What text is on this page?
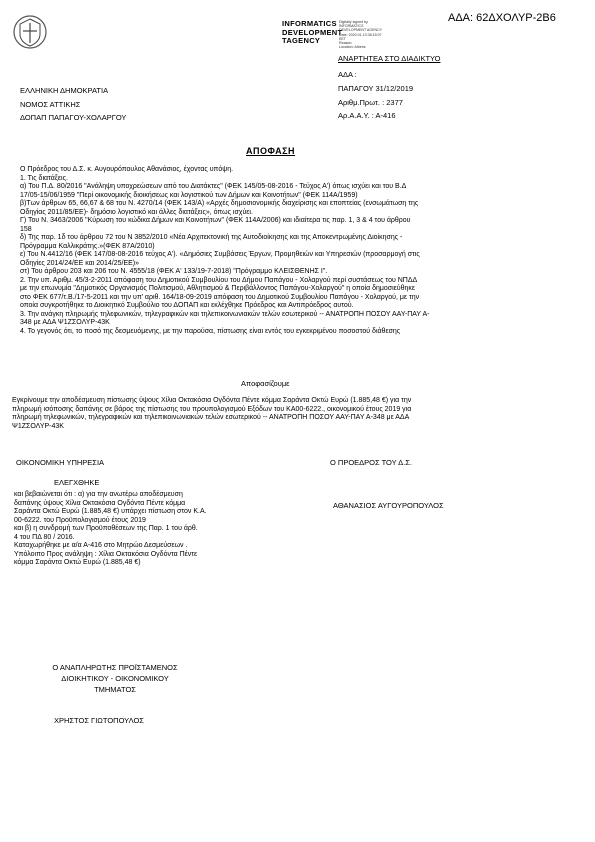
ΑΔΑ: 62ΔΧΟΛΥΡ-2Β6
INFORMATICS
DEVELOPMENT
TAGENCY
Digitally signed by
INFORMATICS
DEVELOPMENT AGENCY
Date: 2020.01.13 08:15:07
EET
Reason:
Location: Athens
ΑΝΑΡΤΗΤΕΑ ΣΤΟ ΔΙΑΔΙΚΤΥΟ
ΑΔΑ :
ΠΑΠΑΓΟΥ 31/12/2019
Αριθμ.Πρωτ. : 2377
Αρ.Α.Α.Υ. : Α-416
ΕΛΛΗΝΙΚΗ ΔΗΜΟΚΡΑΤΙΑ
ΝΟΜΟΣ ΑΤΤΙΚΗΣ
ΔΟΠΑΠ ΠΑΠΑΓΟΥ-ΧΟΛΑΡΓΟΥ
ΑΠΟΦΑΣΗ
Ο Πρόεδρος του Δ.Σ. κ. Αυγουρόπουλος Αθανάσιος, έχοντας υπόψη.
1. Τις διατάξεις.
α) Του Π.Δ. 80/2016 "Ανάληψη υποχρεώσεων από του Διατάκτες" (ΦΕΚ 145/05-08-2016 - Τεύχος Α') όπως ισχύει και του Β.Δ
17/05-15/06/1959 "Περί οικονομικής διοικήσεως και λογιστικού των Δήμων και Κοινοτήτων" (ΦΕΚ 114Α/1959)
β)Των άρθρων 65, 66,67 & 68 του Ν. 4270/14 (ΦΕΚ 143/Α) «Αρχές δημοσιονομικής διαχείρισης και εποπτείας (ενσωμάτωση της
Οδηγίας 2011/85/ΕΕ)- δημόσιο λογιστικό και άλλες διατάξεις», όπως ισχύει.
Γ) Του Ν. 3463/2006 "Κύρωση του κώδικα Δήμων και Κοινοτήτων" (ΦΕΚ 114Α/2006) και ιδιαίτερα τις παρ. 1, 3 & 4 του άρθρου
158
δ) Της παρ. 1δ του άρθρου 72 του Ν 3852/2010 «Νέα Αρχιτεκτονική της Αυτοδιοίκησης και της Αποκεντρωμένης Διοίκησης -
Πρόγραμμα Καλλικράτης.»(ΦΕΚ 87Α/2010)
ε) Του Ν.4412/16 (ΦΕΚ 147/08-08-2016 τεύχος Α'). «Δημόσιες Συμβάσεις Έργων, Προμηθειών και Υπηρεσιών (προσαρμογή στις
Οδηγίες 2014/24/ΕΕ και 2014/25/ΕΕ)»
στ) Του άρθρου 203 και 206 του Ν. 4555/18 (ΦΕΚ Α' 133/19-7-2018) "Πρόγραμμο ΚΛΕΙΣΘΕΝΗΣ Ι".
2. Την υπ. Αριθμ. 45/3-2-2011 απόφαση του Δημοτικού Συμβουλίου του Δήμου Παπάγου - Χολαργού περί συστάσεως του ΝΠΔΔ
με την επωνυμία "Δημοτικός Οργανισμός Πολιτισμού, Αθλητισμού & Περιβάλλοντος Παπάγου-Χολαργού" η οποία δημοσιεύθηκε
στο ΦΕΚ 677/τ.Β./17-5-2011 και την υπ' αριθ. 164/18-09-2019 απόφαση του Δημοτικού Συμβουλίου Παπάγου - Χολαργού, με την
οποία συγκροτήθηκε το Διοικητικό Συμβούλιο του ΔΟΠΑΠ και εκλέχθηκε Πρόεδρος και Αντιπρόεδρος αυτού.
3. Την ανάγκη πληρωμής τηλεφωνικών, τηλεγραφικών και τηλεπικοινωνιακών τελών εσωτερικού -- ΑΝΑΤΡΟΠΗ ΠΟΣΟΥ ΑΑΥ-ΠΑΥ Α-
348 με ΑΔΑ Ψ1ΖΣΟΛΥΡ-43Κ
4. Το γεγονός ότι, το ποσό της δεσμευόμενης, με την παρούσα, πίστωσης είναι εντός του εγκεκριμένου ποσοστού διάθεσης
Αποφασίζουμε
Εγκρίνουμε την αποδέσμευση πίστωσης ύψους Χίλια Οκτακόσια Ογδόντα Πέντε κόμμα Σαράντα Οκτώ Ευρώ (1.885,48 €) για την
πληρωμή ισόποσης δαπάνης σε βάρος της πίστωσης του προυπολογισμού Εξόδων του ΚΑ00-6222., οικονομικού έτους 2019 για
πληρωμή τηλεφωνικών, τηλεγραφικών και τηλεπικοινωνιακών τελών εσωτερικού -- ΑΝΑΤΡΟΠΗ ΠΟΣΟΥ ΑΑΥ-ΠΑΥ Α-348 με ΑΔΑ
Ψ1ΖΣΟΛΥΡ-43Κ
ΟΙΚΟΝΟΜΙΚΗ ΥΠΗΡΕΣΙΑ	Ο ΠΡΟΕΔΡΟΣ ΤΟΥ Δ.Σ.
ΕΛΕΓΧΘΗΚΕ
και βεβαιώνεται ότι : α) για την ανωτέρω αποδέσμευση
δαπάνης ύψους Χίλια Οκτακόσια Ογδόντα Πέντε κόμμα
Σαράντα Οκτώ Ευρώ (1.885,48 €) υπάρχει πίστωση στον Κ.Α.
00-6222. του Προϋπολογισμού έτους 2019
και β) η συνδρομή των Προϋποθέσεων της Παρ. 1 του άρθ.
4 του ΠΔ 80 / 2016.
Καταχωρήθηκε με α/α Α-416 στο Μητρώο Δεσμεύσεων .
Υπόλοιπο Προς ανάληψη : Χίλια Οκτακόσια Ογδόντα Πέντε
κόμμα Σαράντα Οκτώ Ευρώ (1.885,48 €)
ΑΘΑΝΑΣΙΟΣ ΑΥΓΟΥΡΟΠΟΥΛΟΣ
Ο ΑΝΑΠΛΗΡΩΤΗΣ ΠΡΟΪΣΤΑΜΕΝΟΣ
ΔΙΟΙΚΗΤΙΚΟΥ - ΟΙΚΟΝΟΜΙΚΟΥ
ΤΜΗΜΑΤΟΣ
ΧΡΗΣΤΟΣ ΓΙΩΤΟΠΟΥΛΟΣ
